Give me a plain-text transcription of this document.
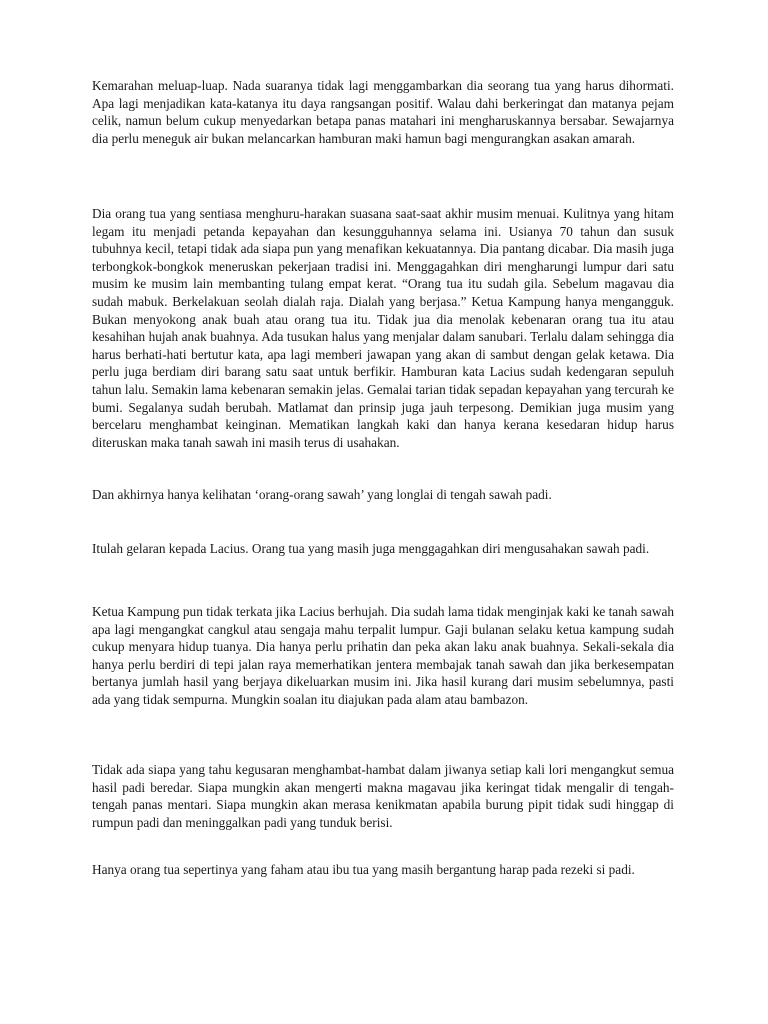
Kemarahan meluap-luap. Nada suaranya tidak lagi menggambarkan dia seorang tua yang harus dihormati. Apa lagi menjadikan kata-katanya itu daya rangsangan positif. Walau dahi berkeringat dan matanya pejam celik, namun belum cukup menyedarkan betapa panas matahari ini mengharuskannya bersabar. Sewajarnya dia perlu meneguk air bukan melancarkan hamburan maki hamun bagi mengurangkan asakan amarah.

Dia orang tua yang sentiasa menghuru-harakan suasana saat-saat akhir musim menuai. Kulitnya yang hitam legam itu menjadi petanda kepayahan dan kesungguhannya selama ini. Usianya 70 tahun dan susuk tubuhnya kecil, tetapi tidak ada siapa pun yang menafikan kekuatannya. Dia pantang dicabar. Dia masih juga terbongkok-bongkok meneruskan pekerjaan tradisi ini. Menggagahkan diri mengharungi lumpur dari satu musim ke musim lain membanting tulang empat kerat. “Orang tua itu sudah gila. Sebelum magavau dia sudah mabuk. Berkelakuan seolah dialah raja. Dialah yang berjasa.” Ketua Kampung hanya mengangguk. Bukan menyokong anak buah atau orang tua itu. Tidak jua dia menolak kebenaran orang tua itu atau kesahihan hujah anak buahnya. Ada tusukan halus yang menjalar dalam sanubari. Terlalu dalam sehingga dia harus berhati-hati bertutur kata, apa lagi memberi jawapan yang akan di sambut dengan gelak ketawa. Dia perlu juga berdiam diri barang satu saat untuk berfikir. Hamburan kata Lacius sudah kedengaran sepuluh tahun lalu. Semakin lama kebenaran semakin jelas. Gemalai tarian tidak sepadan kepayahan yang tercurah ke bumi. Segalanya sudah berubah. Matlamat dan prinsip juga jauh terpesong. Demikian juga musim yang bercelaru menghambat keinginan. Mematikan langkah kaki dan hanya kerana kesedaran hidup harus diteruskan maka tanah sawah ini masih terus di usahakan.

Dan akhirnya hanya kelihatan ‘orang-orang sawah’ yang longlai di tengah sawah padi.

Itulah gelaran kepada Lacius. Orang tua yang masih juga menggagahkan diri mengusahakan sawah padi.

Ketua Kampung pun tidak terkata jika Lacius berhujah. Dia sudah lama tidak menginjak kaki ke tanah sawah apa lagi mengangkat cangkul atau sengaja mahu terpalit lumpur. Gaji bulanan selaku ketua kampung sudah cukup menyara hidup tuanya. Dia hanya perlu prihatin dan peka akan laku anak buahnya. Sekali-sekala dia hanya perlu berdiri di tepi jalan raya memerhatikan jentera membajak tanah sawah dan jika berkesempatan bertanya jumlah hasil yang berjaya dikeluarkan musim ini. Jika hasil kurang dari musim sebelumnya, pasti ada yang tidak sempurna. Mungkin soalan itu diajukan pada alam atau bambazon.

Tidak ada siapa yang tahu kegusaran menghambat-hambat dalam jiwanya setiap kali lori mengangkut semua hasil padi beredar. Siapa mungkin akan mengerti makna magavau jika keringat tidak mengalir di tengah-tengah panas mentari. Siapa mungkin akan merasa kenikmatan apabila burung pipit tidak sudi hinggap di rumpun padi dan meninggalkan padi yang tunduk berisi.

Hanya orang tua sepertinya yang faham atau ibu tua yang masih bergantung harap pada rezeki si padi.
